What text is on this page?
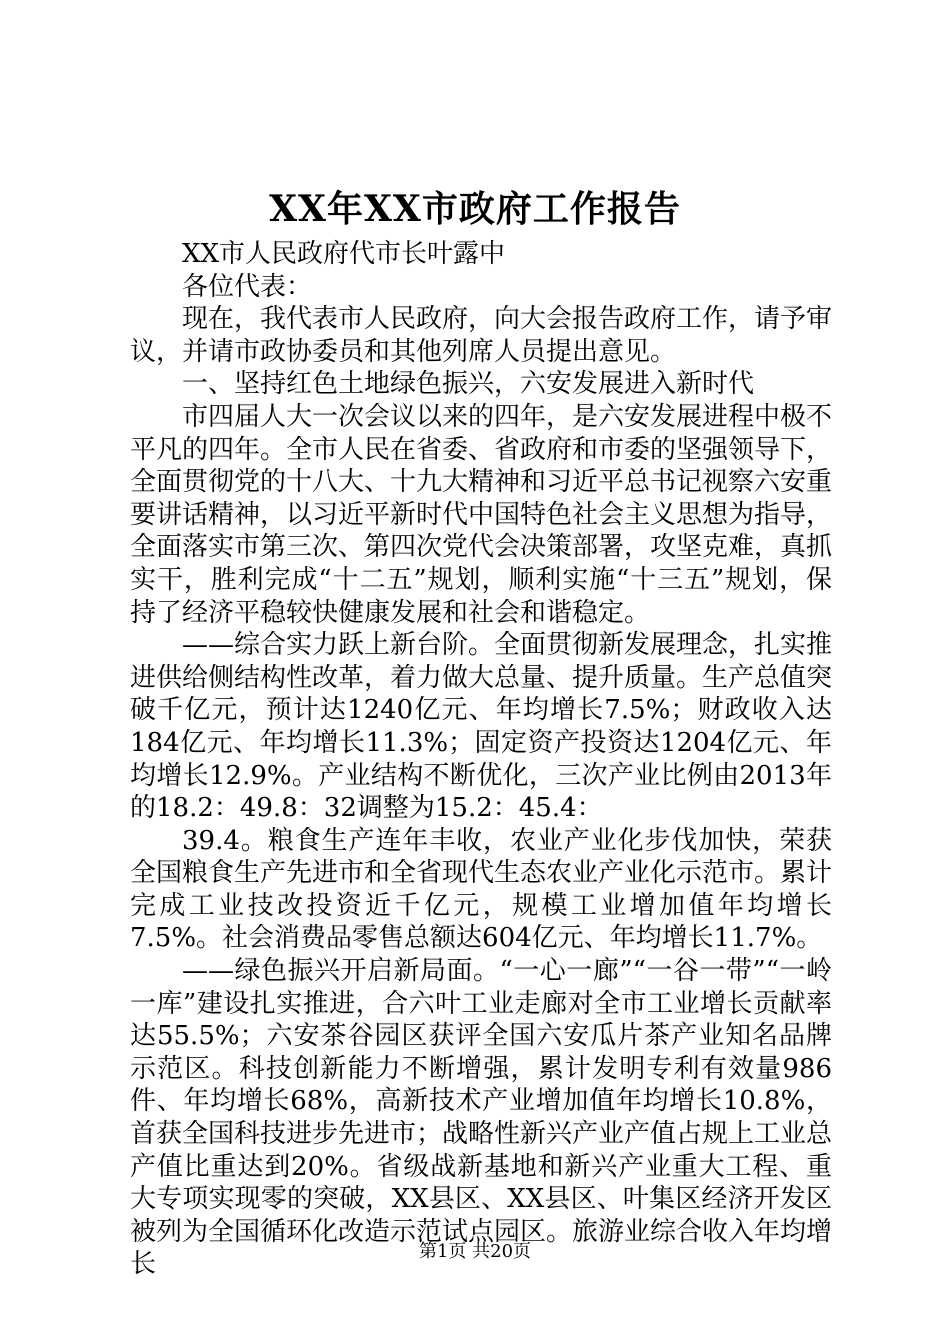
XX年XX市政府工作报告

XX市人民政府代市长叶露中

各位代表：

现在，我代表市人民政府，向大会报告政府工作，请予审议，并请市政协委员和其他列席人员提出意见。

一、坚持红色土地绿色振兴，六安发展进入新时代

市四届人大一次会议以来的四年，是六安发展进程中极不平凡的四年。全市人民在省委、省政府和市委的坚强领导下，全面贯彻党的十八大、十九大精神和习近平总书记视察六安重要讲话精神，以习近平新时代中国特色社会主义思想为指导，全面落实市第三次、第四次党代会决策部署，攻坚克难，真抓实干，胜利完成“十二五”规划，顺利实施“十三五”规划，保持了经济平稳较快健康发展和社会和谐稳定。

——综合实力跃上新台阶。全面贯彻新发展理念，扎实推进供给侧结构性改革，着力做大总量、提升质量。生产总值突破千亿元，预计达1240亿元、年均增长7.5%；财政收入达184亿元、年均增长11.3%；固定资产投资达1204亿元、年均增长12.9%。产业结构不断优化，三次产业比例由2013年的18.2：49.8：32调整为15.2：45.4：

39.4。粮食生产连年丰收，农业产业化步伐加快，荣获全国粮食生产先进市和全省现代生态农业产业化示范市。累计完成工业技改投资近千亿元，规模工业增加值年均增长7.5%。社会消费品零售总额达604亿元、年均增长11.7%。

——绿色振兴开启新局面。“一心一廊”“一谷一带”“一岭一库”建设扎实推进，合六叶工业走廊对全市工业增长贡献率达55.5%；六安茶谷园区获评全国六安瓜片茶产业知名品牌示范区。科技创新能力不断增强，累计发明专利有效量986件、年均增长68%，高新技术产业增加值年均增长10.8%，首获全国科技进步先进市；战略性新兴产业产值占规上工业总产值比重达到20%。省级战新基地和新兴产业重大工程、重大专项实现零的突破，XX县区、XX县区、叶集区经济开发区被列为全国循环化改造示范试点园区。旅游业综合收入年均增长	第1页 共20页
